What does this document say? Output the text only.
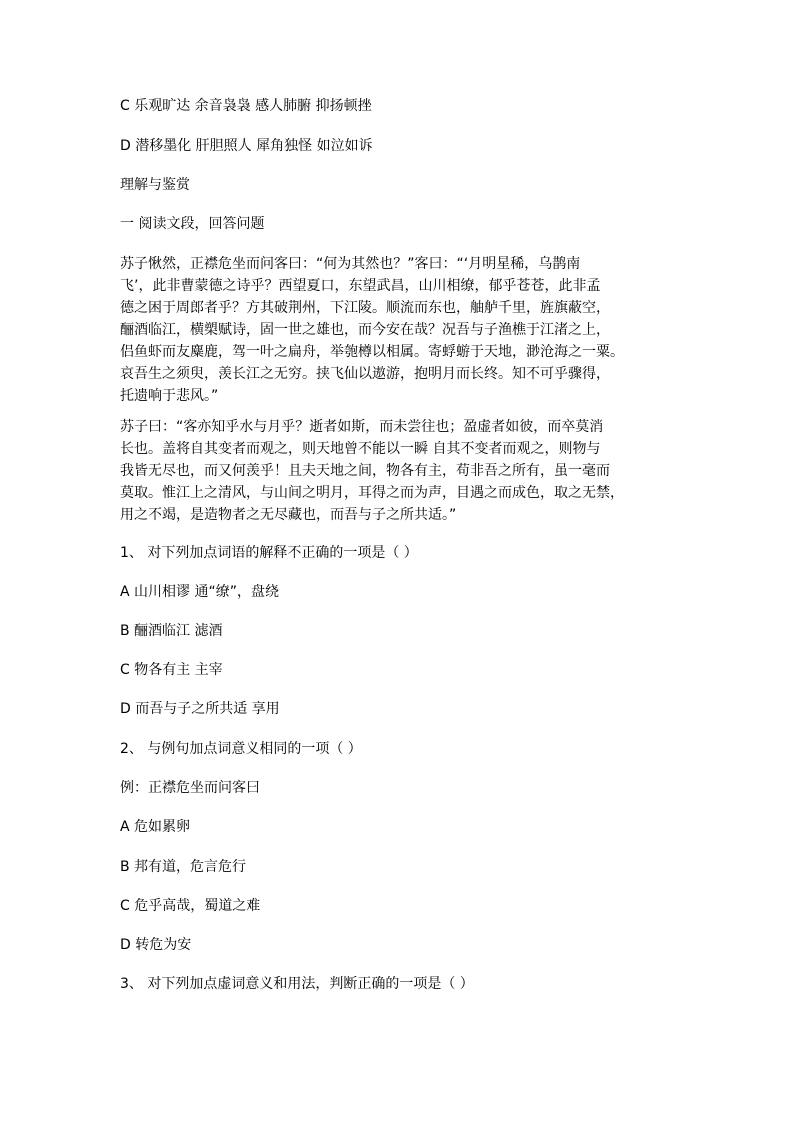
C 乐观旷达 余音袅袅 感人肺腑 抑扬顿挫

D 潜移墨化 肝胆照人 犀角独怪 如泣如诉

理解与鉴赏

一 阅读文段，回答问题

苏子愀然，正襟危坐而问客曰：“何为其然也？”客曰：“‘月明星稀，乌鹊南
飞’，此非曹蒙德之诗乎？西望夏口，东望武昌，山川相缭，郁乎苍苍，此非孟
德之困于周郎者乎？方其破荆州，下江陵。顺流而东也，舳舻千里，旌旗蔽空，
酾酒临江，横槊赋诗，固一世之雄也，而今安在哉？况吾与子渔樵于江渚之上，
侣鱼虾而友麋鹿，驾一叶之扁舟，举匏樽以相属。寄蜉蝣于天地，渺沧海之一粟。
哀吾生之须臾，羡长江之无穷。挟飞仙以遨游，抱明月而长终。知不可乎骤得，
托遗响于悲风。”
苏子曰：“客亦知乎水与月乎？逝者如斯，而未尝往也；盈虚者如彼，而卒莫消
长也。盖将自其变者而观之，则天地曾不能以一瞬 自其不变者而观之，则物与
我皆无尽也，而又何羡乎！且夫天地之间，物各有主，苟非吾之所有，虽一毫而
莫取。惟江上之清风，与山间之明月，耳得之而为声，目遇之而成色，取之无禁，
用之不竭，是造物者之无尽藏也，而吾与子之所共适。”

1、 对下列加点词语的解释不正确的一项是（ ）

A 山川相谬 通“缭”，盘绕

B 酾酒临江 滤酒

C 物各有主 主宰

D 而吾与子之所共适 享用

2、 与例句加点词意义相同的一项（ ）

例：正襟危坐而问客曰

A 危如累卵

B 邦有道，危言危行

C 危乎高哉，蜀道之难

D 转危为安

3、 对下列加点虚词意义和用法，判断正确的一项是（ ）
